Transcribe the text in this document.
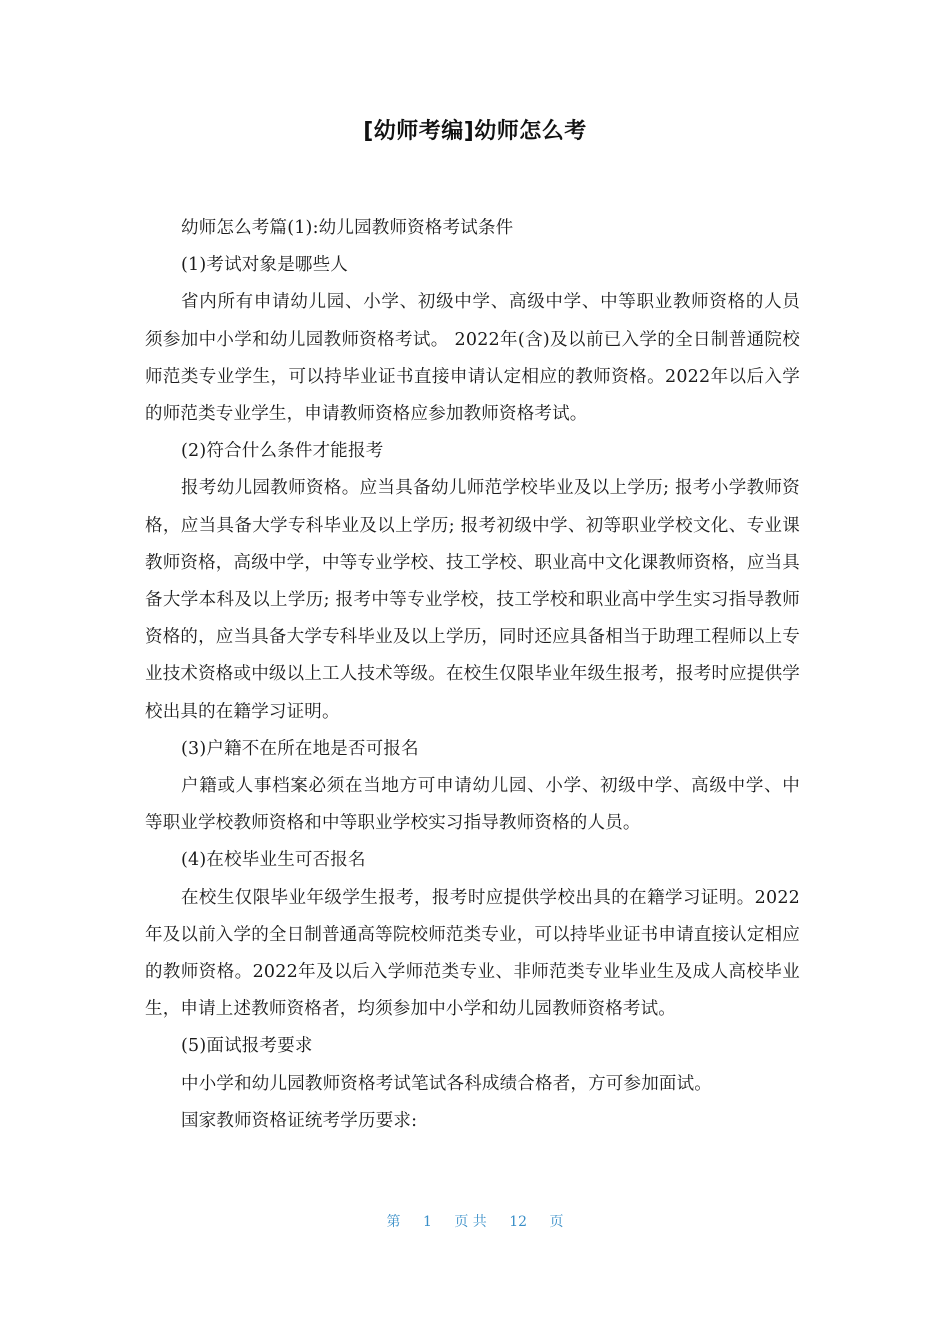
[幼师考编]幼师怎么考

幼师怎么考篇(1):幼儿园教师资格考试条件

(1)考试对象是哪些人

省内所有申请幼儿园、小学、初级中学、高级中学、中等职业教师资格的人员须参加中小学和幼儿园教师资格考试。 2022年(含)及以前已入学的全日制普通院校师范类专业学生，可以持毕业证书直接申请认定相应的教师资格。2022年以后入学的师范类专业学生，申请教师资格应参加教师资格考试。

(2)符合什么条件才能报考

报考幼儿园教师资格。应当具备幼儿师范学校毕业及以上学历; 报考小学教师资格，应当具备大学专科毕业及以上学历; 报考初级中学、初等职业学校文化、专业课教师资格，高级中学，中等专业学校、技工学校、职业高中文化课教师资格，应当具备大学本科及以上学历; 报考中等专业学校，技工学校和职业高中学生实习指导教师资格的，应当具备大学专科毕业及以上学历，同时还应具备相当于助理工程师以上专业技术资格或中级以上工人技术等级。在校生仅限毕业年级生报考，报考时应提供学校出具的在籍学习证明。

(3)户籍不在所在地是否可报名

户籍或人事档案必须在当地方可申请幼儿园、小学、初级中学、高级中学、中等职业学校教师资格和中等职业学校实习指导教师资格的人员。

(4)在校毕业生可否报名

在校生仅限毕业年级学生报考，报考时应提供学校出具的在籍学习证明。2022年及以前入学的全日制普通高等院校师范类专业，可以持毕业证书申请直接认定相应的教师资格。2022年及以后入学师范类专业、非师范类专业毕业生及成人高校毕业生，申请上述教师资格者，均须参加中小学和幼儿园教师资格考试。

(5)面试报考要求

中小学和幼儿园教师资格考试笔试各科成绩合格者，方可参加面试。

国家教师资格证统考学历要求:

第 1 页 共 12 页
